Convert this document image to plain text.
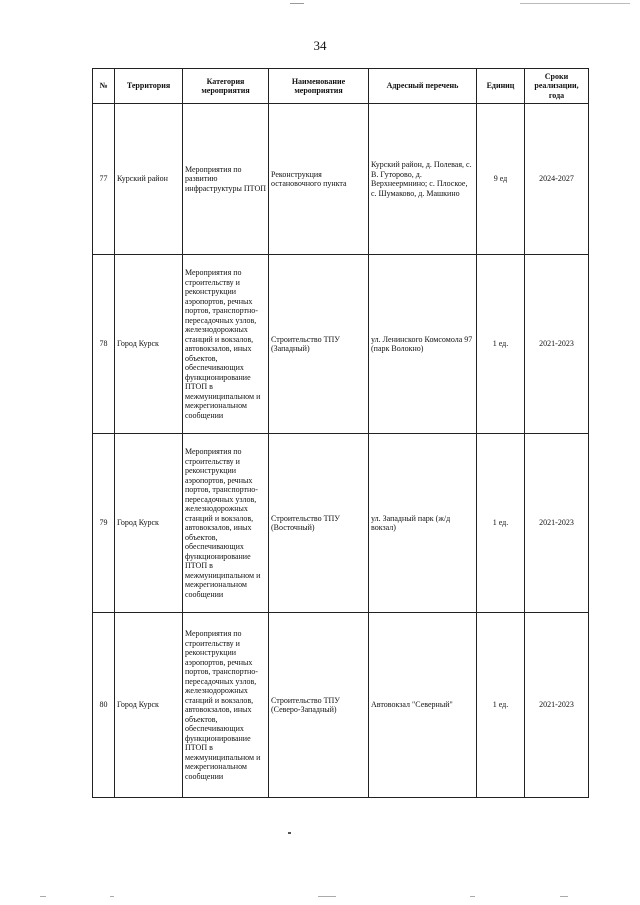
34
№	Территория	Категория мероприятия	Наименование мероприятия	Адресный перечень	Единиц	Сроки реализации, года
77	Курский район	Мероприятия по развитию инфраструктуры ПТОП	Реконструкция остановочного пункта	Курский район, д. Полевая, с. В. Гуторово, д. Верхнеермнино; с. Плоское, с. Шумаково, д. Машкино	9 ед	2024-2027
78	Город Курск	Мероприятия по строительству и реконструкции аэропортов, речных портов, транспортно-пересадочных узлов, железнодорожных станций и вокзалов, автовокзалов, иных объектов, обеспечивающих функционирование ПТОП в межмуниципальном и межрегиональном сообщении	Строительство ТПУ (Западный)	ул. Ленинского Комсомола 97 (парк Волокно)	1 ед.	2021-2023
79	Город Курск	Мероприятия по строительству и реконструкции аэропортов, речных портов, транспортно-пересадочных узлов, железнодорожных станций и вокзалов, автовокзалов, иных объектов, обеспечивающих функционирование ПТОП в межмуниципальном и межрегиональном сообщении	Строительство ТПУ (Восточный)	ул. Западный парк (ж/д вокзал)	1 ед.	2021-2023
80	Город Курск	Мероприятия по строительству и реконструкции аэропортов, речных портов, транспортно-пересадочных узлов, железнодорожных станций и вокзалов, автовокзалов, иных объектов, обеспечивающих функционирование ПТОП в межмуниципальном и межрегиональном сообщении	Строительство ТПУ (Северо-Западный)	Автовокзал "Северный"	1 ед.	2021-2023
